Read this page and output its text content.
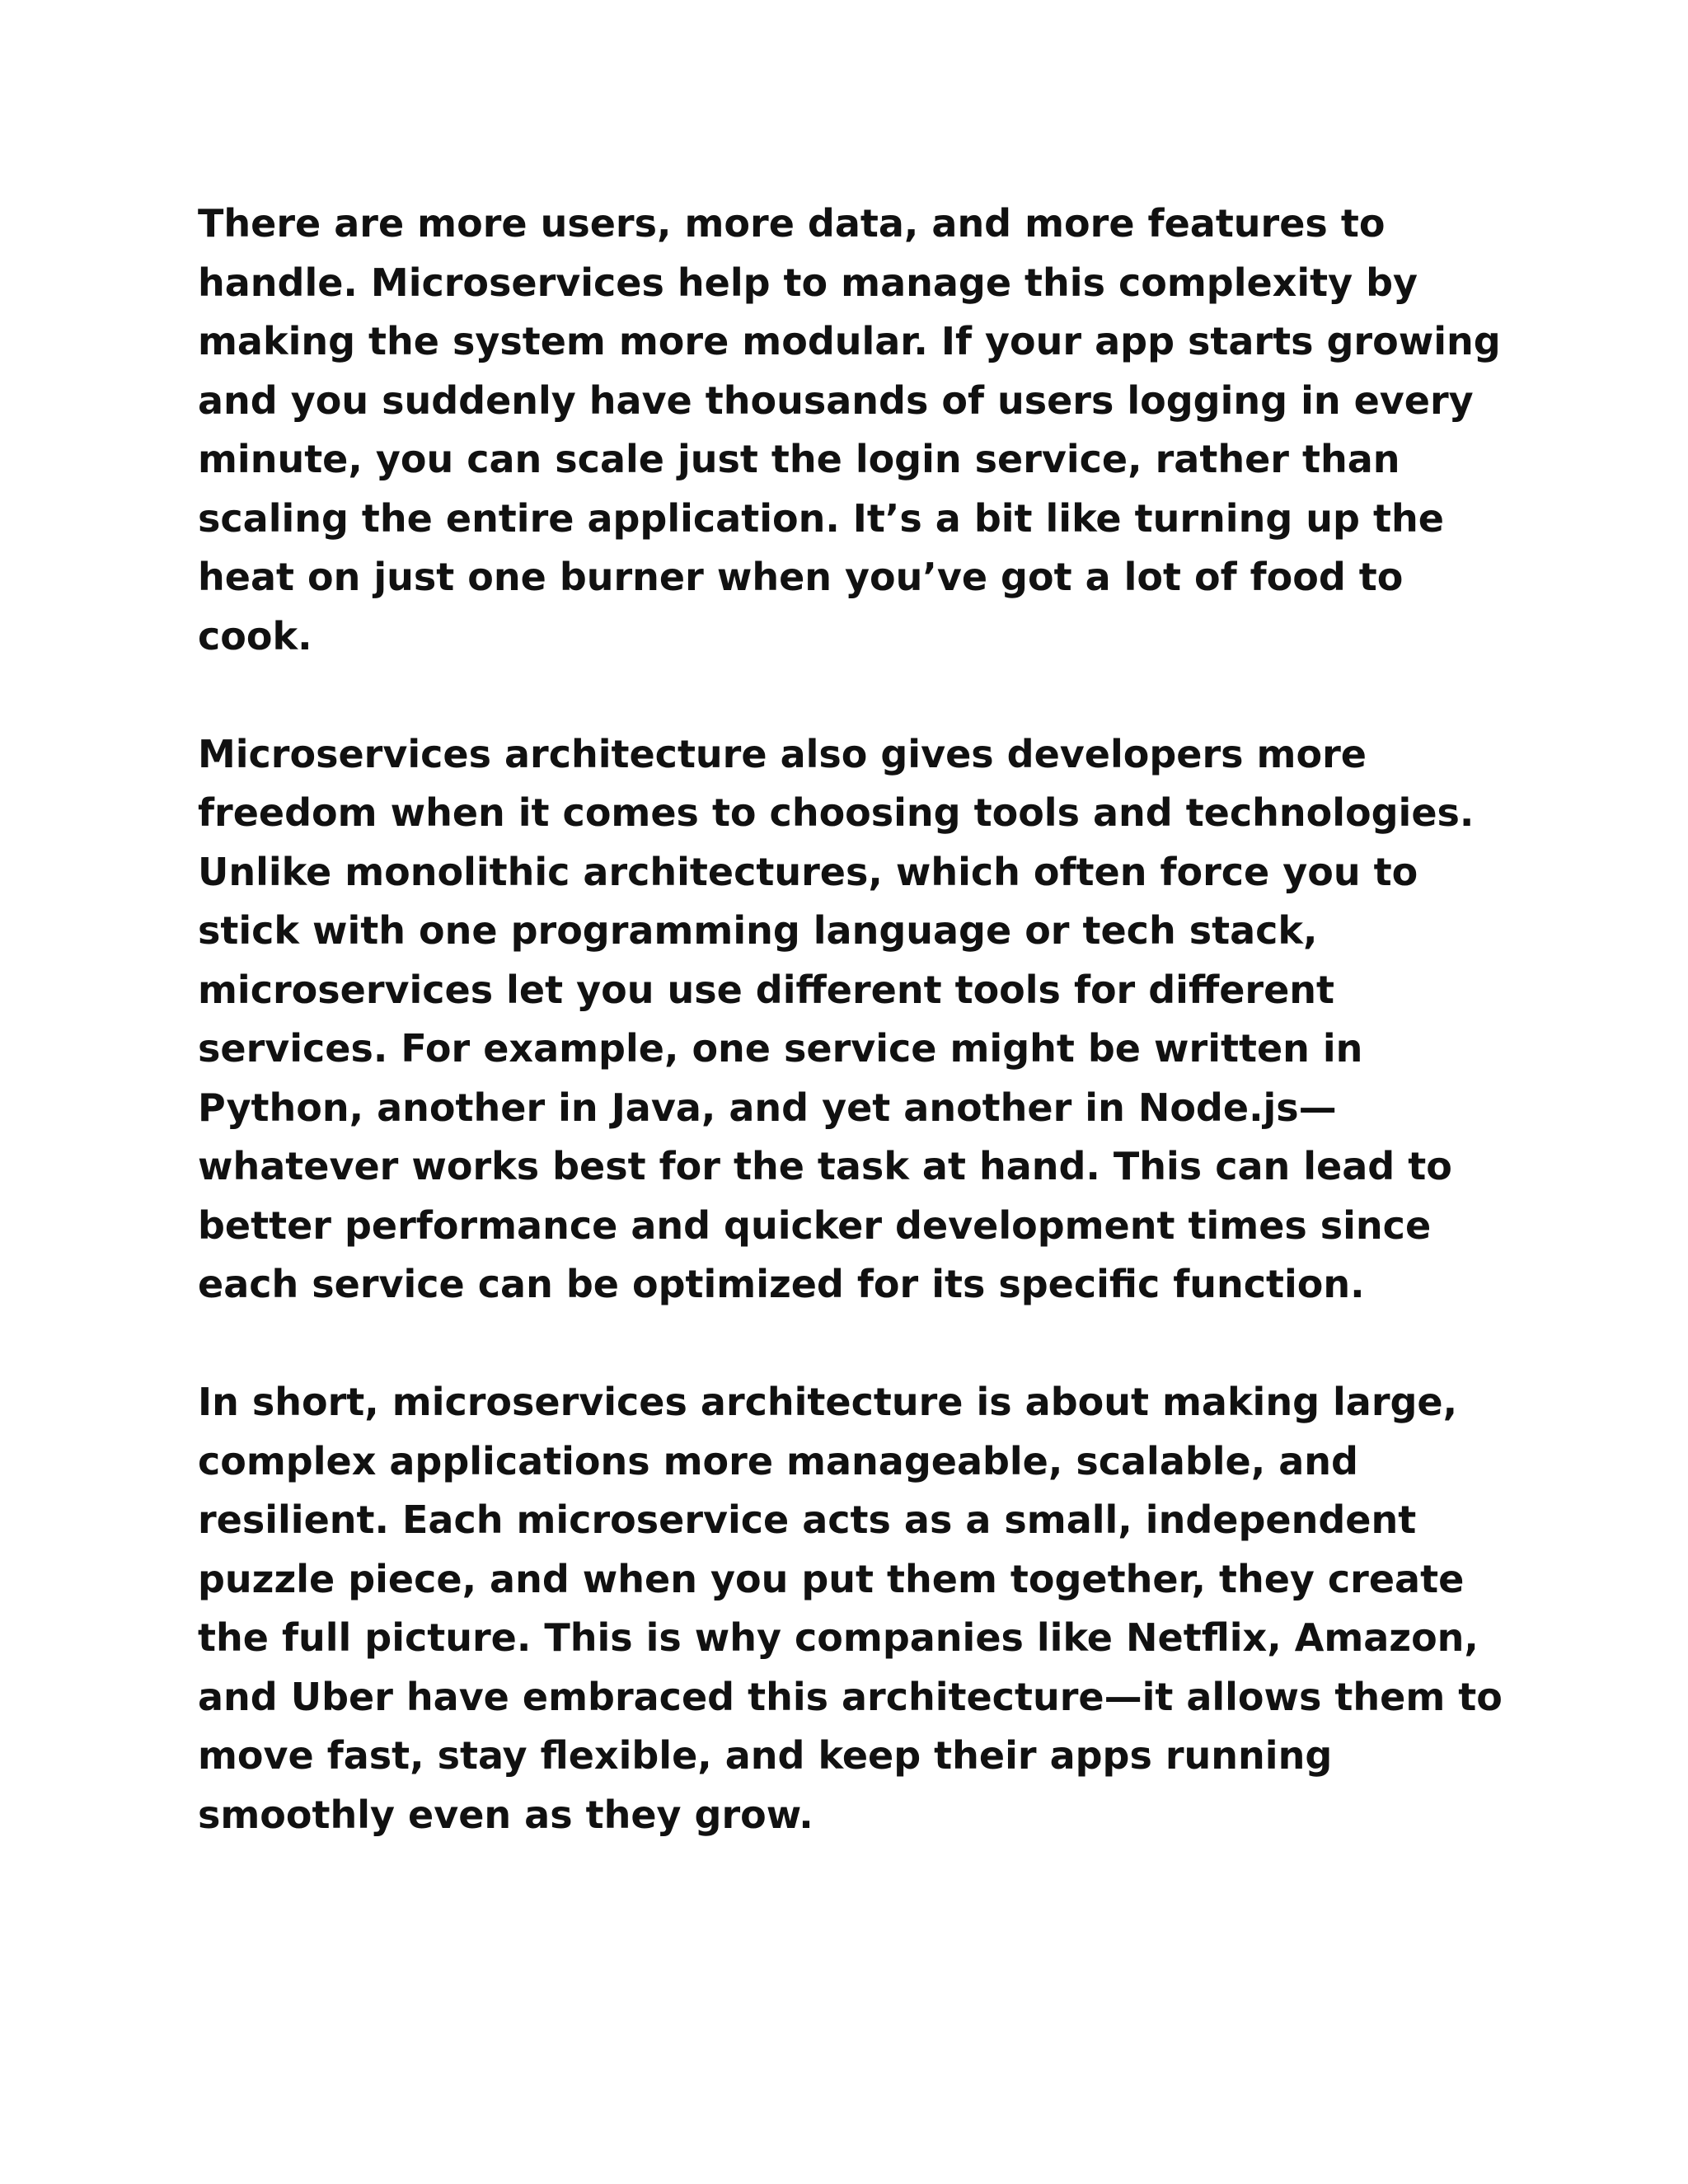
There are more users, more data, and more features to handle. Microservices help to manage this complexity by making the system more modular. If your app starts growing and you suddenly have thousands of users logging in every minute, you can scale just the login service, rather than scaling the entire application. It’s a bit like turning up the heat on just one burner when you’ve got a lot of food to cook.

Microservices architecture also gives developers more freedom when it comes to choosing tools and technologies. Unlike monolithic architectures, which often force you to stick with one programming language or tech stack, microservices let you use different tools for different services. For example, one service might be written in Python, another in Java, and yet another in Node.js—whatever works best for the task at hand. This can lead to better performance and quicker development times since each service can be optimized for its specific function.

In short, microservices architecture is about making large, complex applications more manageable, scalable, and resilient. Each microservice acts as a small, independent puzzle piece, and when you put them together, they create the full picture. This is why companies like Netflix, Amazon, and Uber have embraced this architecture—it allows them to move fast, stay flexible, and keep their apps running smoothly even as they grow.
